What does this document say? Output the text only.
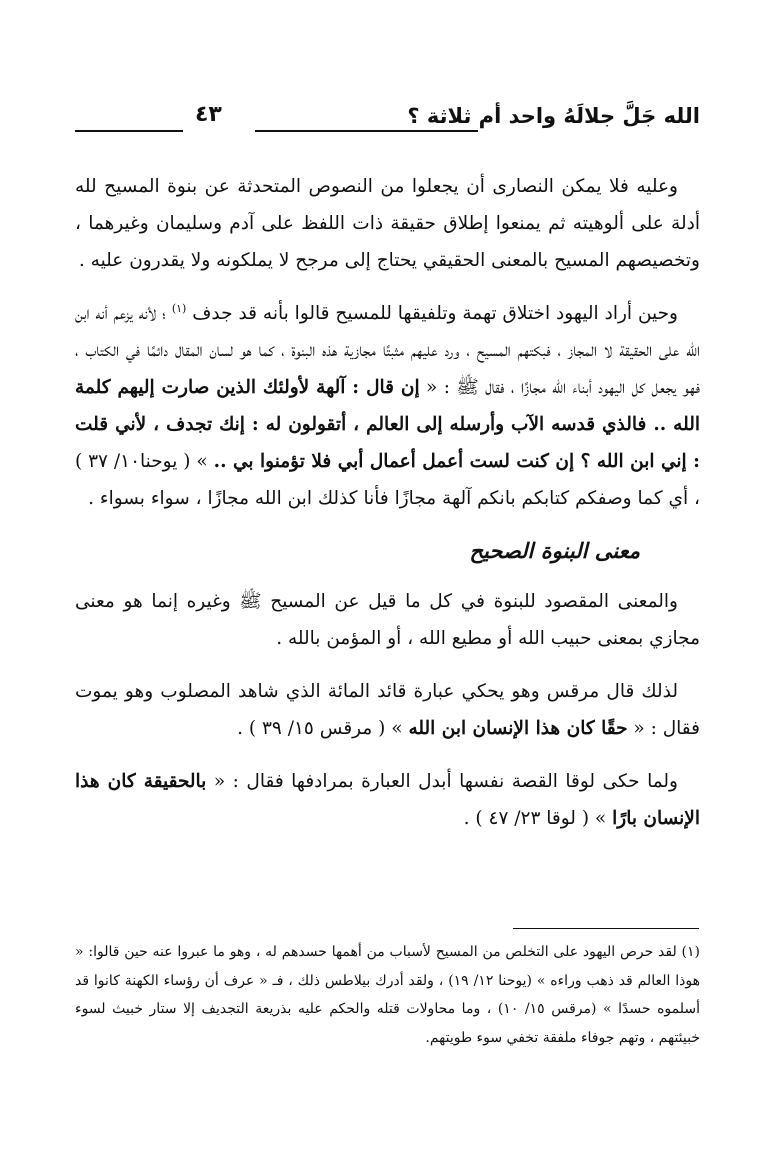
الله جَلَّ جلالَهُ واحد أم ثلاثة ؟
٤٣

وعليه فلا يمكن النصارى أن يجعلوا من النصوص المتحدثة عن بنوة المسيح لله أدلة على ألوهيته ثم يمنعوا إطلاق حقيقة ذات اللفظ على آدم وسليمان وغيرهما ، وتخصيصهم المسيح بالمعنى الحقيقي يحتاج إلى مرجح لا يملكونه ولا يقدرون عليه .

وحين أراد اليهود اختلاق تهمة وتلفيقها للمسيح قالوا بأنه قد جدف $^{(١)}$ ؛ لأنه يزعم أنه ابن الله على الحقيقة لا المجاز ، فبكتهم المسيح ، ورد عليهم مثبتًا مجازية هذه البنوة ، كما هو لسان المقال دائمًا في الكتاب ، فهو يجعل كل اليهود أبناء الله مجازًا ، فقال ﷺ : « إن قال : آلهة لأولئك الذين صارت إليهم كلمة الله .. فالذي قدسه الآب وأرسله إلى العالم ، أتقولون له : إنك تجدف ، لأني قلت : إني ابن الله ؟ إن كنت لست أعمل أعمال أبي فلا تؤمنوا بي .. » ( يوحنا١٠/ ٣٧ ) ، أي كما وصفكم كتابكم بانكم آلهة مجازًا فأنا كذلك ابن الله مجازًا ، سواء بسواء .

معنى البنوة الصحيح

والمعنى المقصود للبنوة في كل ما قيل عن المسيح ﷺ وغيره إنما هو معنى مجازي بمعنى حبيب الله أو مطيع الله ، أو المؤمن بالله .

لذلك قال مرقس وهو يحكي عبارة قائد المائة الذي شاهد المصلوب وهو يموت فقال : « حقًا كان هذا الإنسان ابن الله » ( مرقس ١٥/ ٣٩ ) .

ولما حكى لوقا القصة نفسها أبدل العبارة بمرادفها فقال : « بالحقيقة كان هذا الإنسان بارًا » ( لوقا ٢٣/ ٤٧ ) .

(١) لقد حرص اليهود على التخلص من المسيح لأسباب من أهمها حسدهم له ، وهو ما عبروا عنه حين قالوا: « هوذا العالم قد ذهب وراءه » (يوحنا ١٢/ ١٩) ، ولقد أدرك بيلاطس ذلك ، فـ « عرف أن رؤساء الكهنة كانوا قد أسلموه حسدًا » (مرقس ١٥/ ١٠) ، وما محاولات قتله والحكم عليه بذريعة التجديف إلا ستار خبيث لسوء خبيئتهم ، وتهم جوفاء ملفقة تخفي سوء طويتهم.
